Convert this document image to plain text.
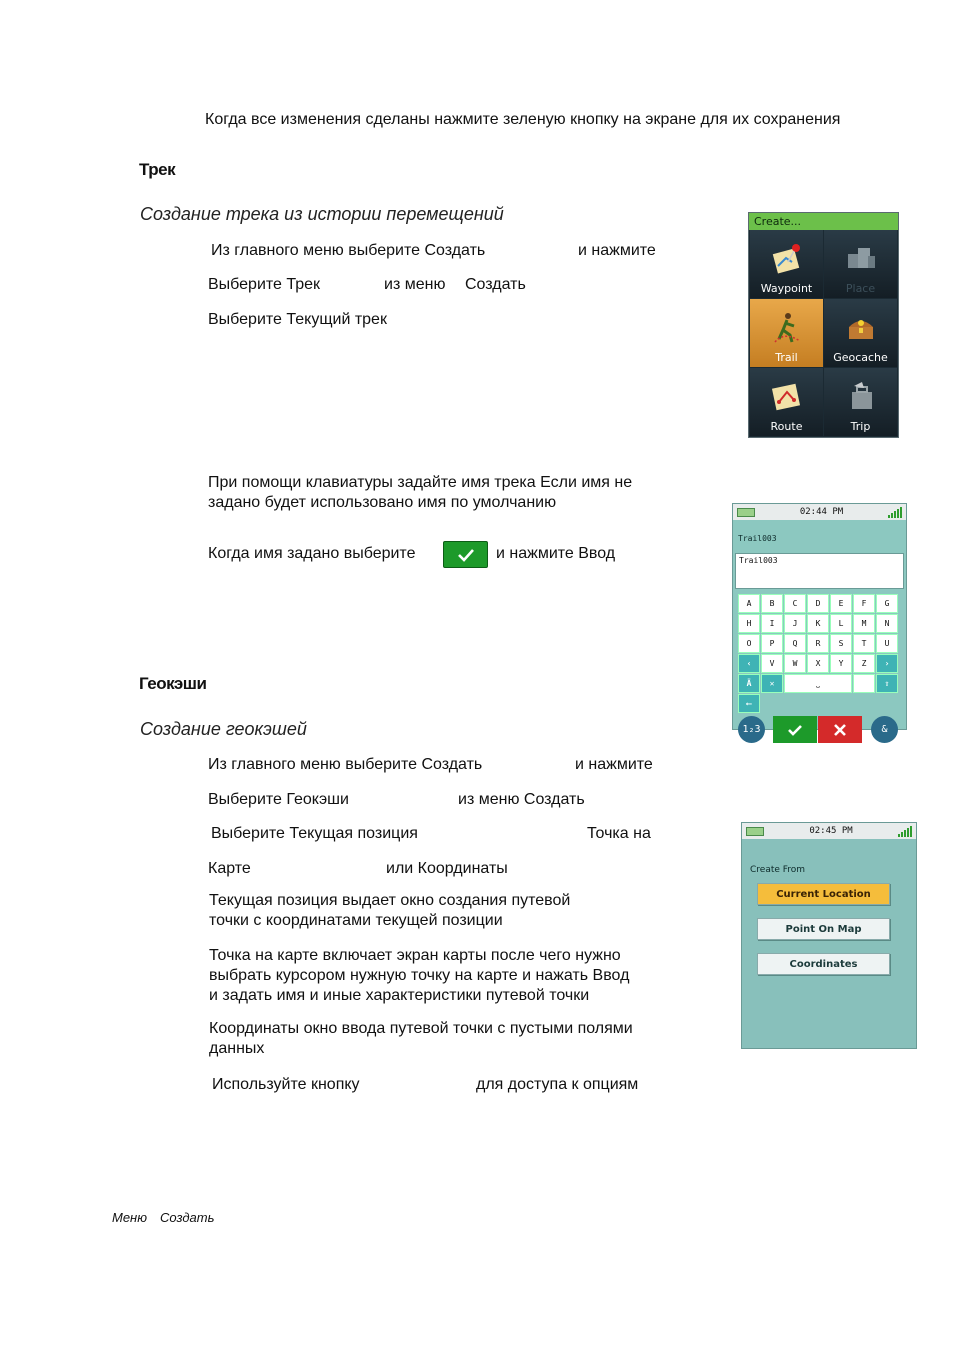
Когда все изменения сделаны нажмите зеленую кнопку на экране для их сохранения
Трек
Создание трека из истории перемещений
Из главного меню выберите Создать	и нажмите
Выберите Трек	из меню Создать
Выберите Текущий трек
При помощи клавиатуры задайте имя трека Если имя не
задано будет использовано имя по умолчанию
Когда имя задано выберите	и нажмите Ввод
Геокэши
Создание геокэшей
Из главного меню выберите Создать	и нажмите
Выберите Геокэши	из меню Создать
Выберите Текущая позиция	Точка на
Карте	или Координаты
Текущая позиция выдает окно создания путевой
точки с координатами текущей позиции
Точка на карте включает экран карты после чего нужно
выбрать курсором нужную точку на карте и нажать Ввод
и задать имя и иные характеристики путевой точки
Координаты окно ввода путевой точки с пустыми полями
данных
Используйте кнопку	для доступа к опциям
Меню Создать
Create...
Waypoint	Place
Trail	Geocache
Route	Trip
02:44 PM
Trail003
Trail003
A	B	C	D	E	F	G
H	I	J	K	L	M	N
O	P	Q	R	S	T	U
‹	V	W	X	Y	Z	›
Ä	✕	⎵	⇧
⟵
1₂3	&
02:45 PM
Create From
Current Location
Point On Map
Coordinates
